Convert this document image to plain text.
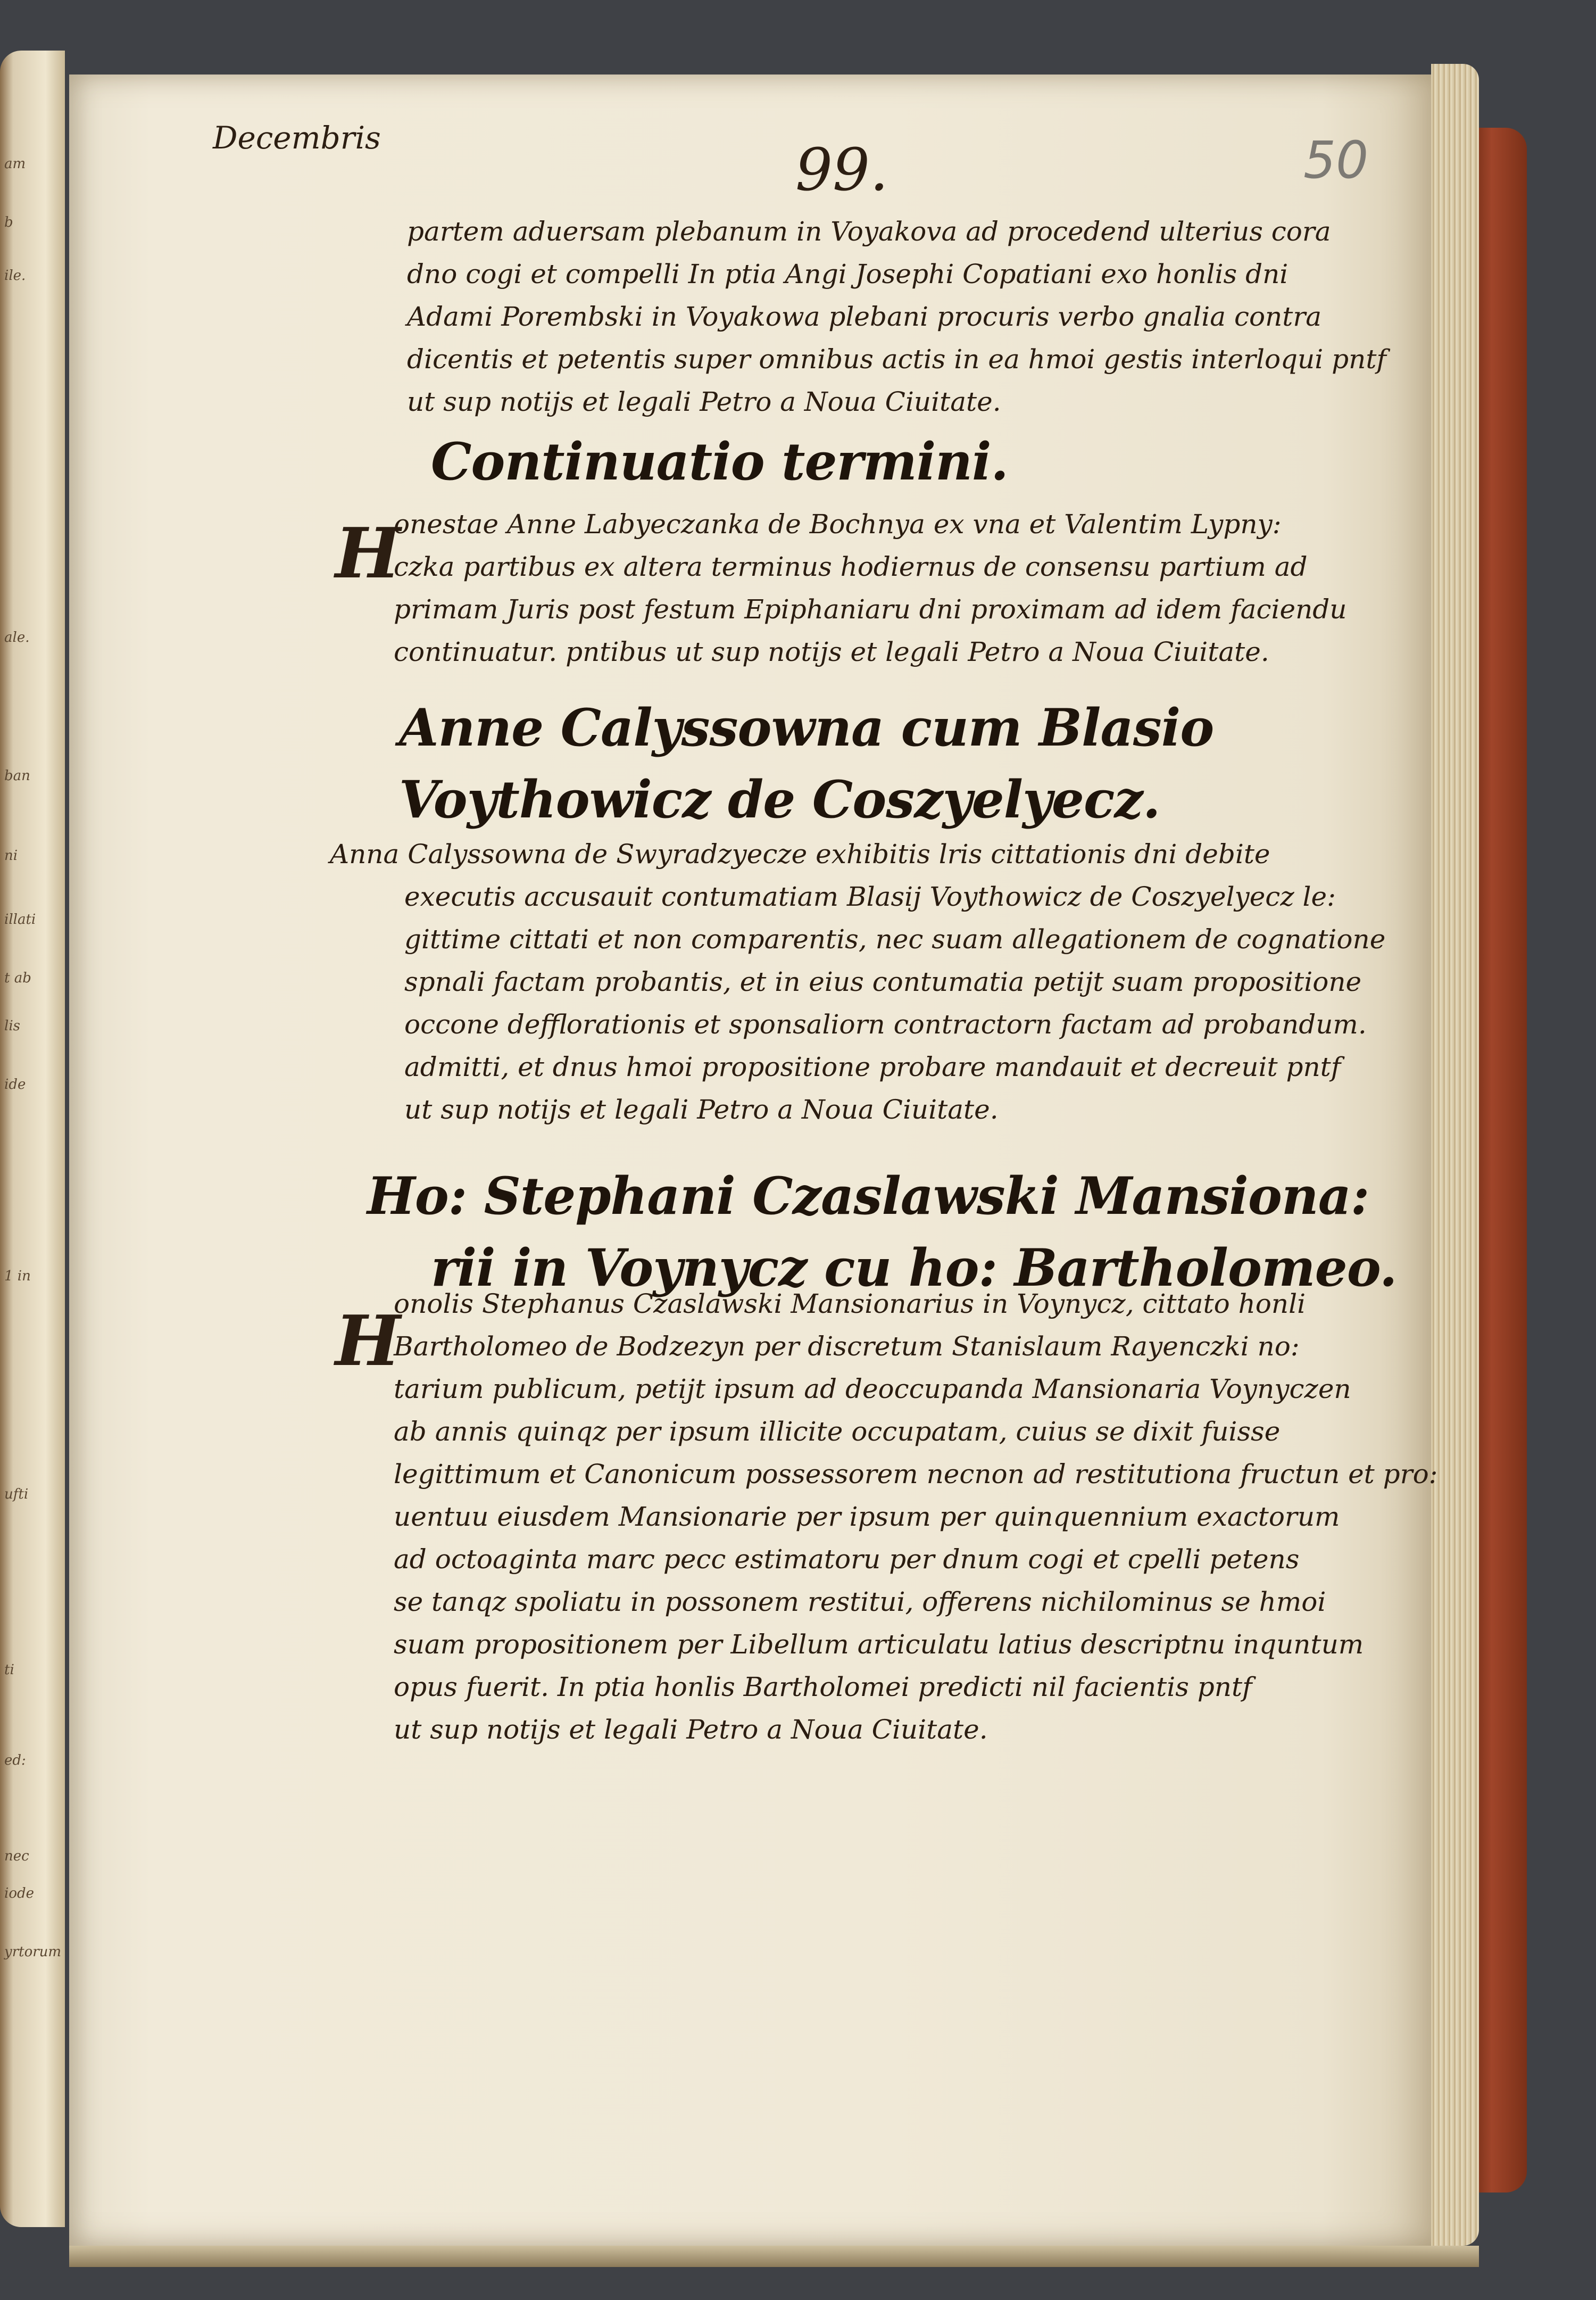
am
b
ile.
ale.
ban
ni
illati
t ab
lis
ide
1 in
ufti
ti
ed:
nec
iode
yrtorum
Decembris	99.	50
partem aduersam plebanum in Voyakova ad procedend ulterius cora
dno cogi et compelli In ptia Angi Josephi Copatiani exo honlis dni
Adami Porembski in Voyakowa plebani procuris verbo gnalia contra
dicentis et petentis super omnibus actis in ea hmoi gestis interloqui pntf
ut sup notijs et legali Petro a Noua Ciuitate.
Continuatio termini.
onestae Anne Labyeczanka de Bochnya ex vna et Valentim Lypny:
czka partibus ex altera terminus hodiernus de consensu partium ad
primam Juris post festum Epiphaniaru dni proximam ad idem faciendu
continuatur. pntibus ut sup notijs et legali Petro a Noua Ciuitate.
Anne Calyssowna cum Blasio
Voythowicz de Coszyelyecz.
Anna Calyssowna de Swyradzyecze exhibitis lris cittationis dni debite
executis accusauit contumatiam Blasij Voythowicz de Coszyelyecz le:
gittime cittati et non comparentis, nec suam allegationem de cognatione
spnali factam probantis, et in eius contumatia petijt suam propositione
occone defflorationis et sponsaliorn contractorn factam ad probandum.
admitti, et dnus hmoi propositione probare mandauit et decreuit pntf
ut sup notijs et legali Petro a Noua Ciuitate.
Ho: Stephani Czaslawski Mansiona:
rii in Voynycz cu ho: Bartholomeo.
onolis Stephanus Czaslawski Mansionarius in Voynycz, cittato honli
Bartholomeo de Bodzezyn per discretum Stanislaum Rayenczki no:
tarium publicum, petijt ipsum ad deoccupanda Mansionaria Voynyczen
ab annis quinqz per ipsum illicite occupatam, cuius se dixit fuisse
legittimum et Canonicum possessorem necnon ad restitutiona fructun et pro:
uentuu eiusdem Mansionarie per ipsum per quinquennium exactorum
ad octoaginta marc pecc estimatoru per dnum cogi et cpelli petens
se tanqz spoliatu in possonem restitui, offerens nichilominus se hmoi
suam propositionem per Libellum articulatu latius descriptnu inquntum
opus fuerit. In ptia honlis Bartholomei predicti nil facientis pntf
ut sup notijs et legali Petro a Noua Ciuitate.
